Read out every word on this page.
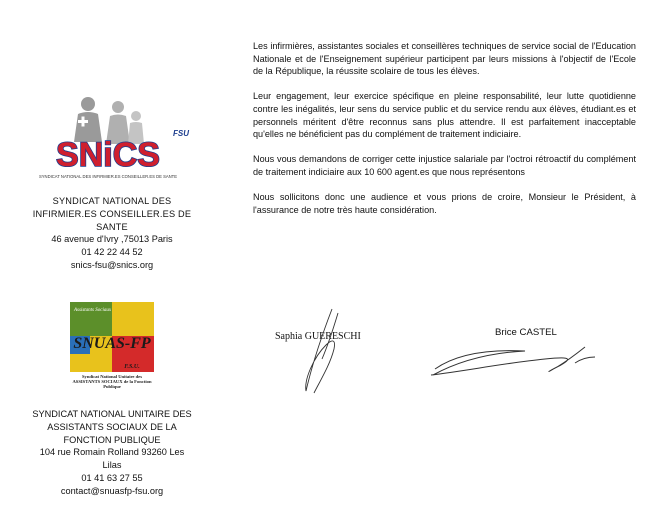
FSU
SNiCS
SYNDICAT NATIONAL DES INFIRMIER.ES CONSEILLER.ES DE SANTE
SYNDICAT NATIONAL DES
INFIRMIER.ES CONSEILLER.ES DE
SANTE
46 avenue d'Ivry ,75013 Paris
01 42 22 44 52
snics-fsu@snics.org
Assistants Sociaux
SNUAS-FP
F.S.U.
Syndicat National Unitaire des ASSISTANTS SOCIAUX de la Fonction Publique
SYNDICAT NATIONAL UNITAIRE DES
ASSISTANTS SOCIAUX DE LA
FONCTION PUBLIQUE
104 rue Romain Rolland 93260 Les
Lilas
01 41 63 27 55
contact@snuasfp-fsu.org

Les infirmières, assistantes sociales et conseillères techniques de service social de l'Education Nationale et de l'Enseignement supérieur participent par leurs missions à l'objectif de l'Ecole de la République, la réussite scolaire de tous les élèves.

Leur engagement, leur exercice spécifique en pleine responsabilité, leur lutte quotidienne contre les inégalités, leur sens du service public et du service rendu aux élèves, étudiant.es et personnels méritent d'être reconnus sans plus attendre. Il est parfaitement inacceptable qu'elles ne bénéficient pas du complément de traitement indiciaire.

Nous vous demandons de corriger cette injustice salariale par l'octroi rétroactif du complément de traitement indiciaire aux 10 600 agent.es que nous représentons

Nous sollicitons donc une audience et vous prions de croire, Monsieur le Président, à l'assurance de notre très haute considération.

Saphia GUERESCHI	Brice CASTEL
